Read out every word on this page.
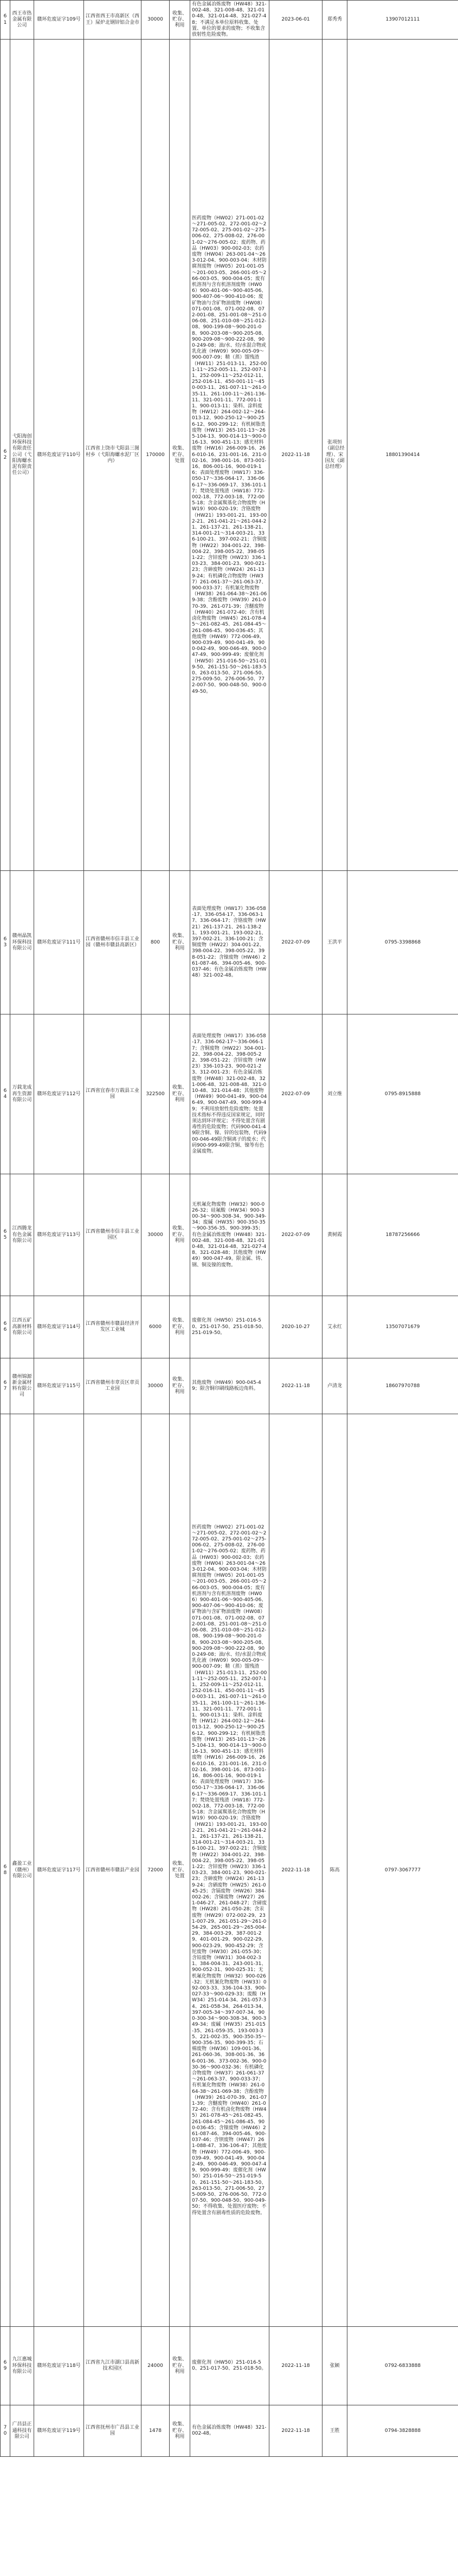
61	西王市热金属有限公司	赣环危废证字109号	江西省西王市高新区（西王）屎炉北钢锌铝合金市	30000	收集、贮存、利用	有色金属冶炼废物（HW48）321-002-48、321-008-48、321-010-48、321-014-48、321-027-48；不满足本单位原料收集、处置、单位的要求的废物；不收集含放射性危险废物。	2023-06-01	郑秀秀	13907012111
62	弋阳海创环保科技有限责任公司（弋阳海螺水泥有限责任公司）	赣环危废证字110号	江西省上饶市弋阳县三图村乡（弋阳海螺水泥厂区内）	170000	收集、贮存、处置	医药废物（HW02）271-001-02～271-005-02、272-001-02～272-005-02、275-001-02～275-006-02、275-008-02、276-001-02～276-005-02；废药物、药品（HW03）900-002-03；农药废物（HW04）263-001-04～263-012-04、900-003-04；木材防腐剂废物（HW05）201-001-05～201-003-05、266-001-05～266-003-05、900-004-05；废有机溶剂与含有机溶剂废物（HW06）900-401-06～900-405-06、900-407-06～900-410-06；废矿物油与含矿物油废物（HW08）071-001-08、071-002-08、072-001-08、251-001-08～251-006-08、251-010-08～251-012-08、900-199-08～900-201-08、900-203-08～900-205-08、900-209-08～900-222-08、900-249-08；油/水、烃/水混合物或乳化液（HW09）900-005-09～900-007-09；精（蒸）馏残渣（HW11）251-013-11、252-001-11～252-005-11、252-007-11、252-009-11～252-012-11、252-016-11、450-001-11～450-003-11、261-007-11～261-035-11、261-100-11～261-136-11、321-001-11、772-001-11、900-013-11；染料、涂料废物（HW12）264-002-12～264-013-12、900-250-12～900-256-12、900-299-12；有机树脂类废物（HW13）265-101-13～265-104-13、900-014-13～900-016-13、900-451-13；感光材料废物（HW16）266-009-16、266-010-16、231-001-16、231-002-16、398-001-16、873-001-16、806-001-16、900-019-16；表面处理废物（HW17）336-050-17～336-064-17、336-066-17～336-069-17、336-101-17；焚烧处置残渣（HW18）772-002-18、772-003-18、772-005-18；含金属羰基化合物废物（HW19）900-020-19；含铬废物（HW21）193-001-21、193-002-21、261-041-21～261-044-21、261-137-21、261-138-21、314-001-21～314-003-21、336-100-21、397-002-21；含铜废物（HW22）304-001-22、398-004-22、398-005-22、398-051-22；含锌废物（HW23）336-103-23、384-001-23、900-021-23；含砷废物（HW24）261-139-24；有机磷化合物废物（HW37）261-061-37～261-063-37、900-033-37；有机氰化物废物（HW38）261-064-38～261-069-38；含酚废物（HW39）261-070-39、261-071-39；含醚废物（HW40）261-072-40；含有机卤化物废物（HW45）261-078-45～261-082-45、261-084-45～261-086-45、900-036-45；其他废物（HW49）772-006-49、900-039-49、900-041-49、900-042-49、900-046-49、900-047-49、900-999-49；废催化剂（HW50）251-016-50～251-019-50、261-151-50～261-183-50、263-013-50、271-006-50、275-009-50、276-006-50、772-007-50、900-048-50、900-049-50。	2022-11-18	张项恒（副总经理）、宋国友（副总经理）	18801390414
63	赣州晶凯环保科技有限公司	赣环危废证字111号	江西省赣州市信丰县工业园（赣州市赣县高新区）	800	收集、贮存、利用	表面处理废物（HW17）336-058-17、336-054-17、336-063-17、336-064-17；含铬废物（HW21）261-137-21、261-138-21、193-001-21、193-002-21、397-002-21、336-100-21；含铜废物（HW22）304-001-22、398-004-22、398-005-22、398-051-22；含镍废物（HW46）261-087-46、394-005-46、900-037-46；有色金属冶炼废物（HW48）321-002-48。	2022-07-09	王洪平	0795-3398868
64	万载龙成再生资源有限公司	赣环危废证字112号	江西省宜春市万载县工业园	322500	收集、贮存、利用	表面处理废物（HW17）336-058-17、336-062-17～336-066-17；含铜废物（HW22）304-001-22、398-004-22、398-005-22、398-051-22；含锌废物（HW23）336-103-23、900-021-23、312-001-23；有色金属冶炼废物（HW48）321-002-48、321-006-48、321-008-48、321-010-48、321-014-48；其他废物（HW49）900-041-49、900-046-49、900-047-49、900-999-49；不利用放射性危险废物；处置技术指标不得违反国家规定，同时须达到环评规定；不得处置含有剧毒性的危险废物；代码900-041-49限含铜、镍、锌的包装物，代码900-046-49限含铜离子的废水；代码900-999-49限含铜、镍等有色金属废物。	2022-07-09	刘立维	0795-8915888
65	江西腾龙有色金属有限公司	赣环危废证字113号	江西省赣州市信丰县工业园区	30000	收集、贮存、利用	无机氟化物废物（HW32）900-026-32；硅氟酸（HW34）900-300-34～900-308-34、900-349-34；废碱（HW35）900-350-35～900-356-35、900-399-35；有色金属冶炼废物（HW48）321-002-48、321-008-48、321-010-48、321-014-48、321-027-48、321-028-48；其他废物（HW49）900-047-49。限金属、铸、钢、铜及镍的废物。	2022-07-09	黄树霞	18787256666
66	江西五矿高新材料有限公司	赣环危废证字114号	江西省赣州市赣县经济开发区工业城	6000	收集、贮存、利用	废催化剂（HW50）251-016-50、251-017-50、251-018-50、251-019-50。	2020-10-27	艾永红	13507071679
67	赣州锦源新金属材料有限公司	赣环危废证字115号	江西省赣州市章贡区章贡工业园	30000	收集、贮存、利用	其他废物（HW49）900-045-49；限含铜印刷线路板边角料。	2022-11-18	卢清龙	18607970788
68	鑫盈工业（赣州）有限公司	赣环危废证字117号	江西省赣州市赣县产业园	72000	收集、贮存、处置	医药废物（HW02）271-001-02～271-005-02、272-001-02～272-005-02、275-001-02～275-006-02、275-008-02、276-001-02～276-005-02；废药物、药品（HW03）900-002-03；农药废物（HW04）263-001-04～263-012-04、900-003-04；木材防腐剂废物（HW05）201-001-05～201-003-05、266-001-05～266-003-05、900-004-05；废有机溶剂与含有机溶剂废物（HW06）900-401-06～900-405-06、900-407-06～900-410-06；废矿物油与含矿物油废物（HW08）071-001-08、071-002-08、072-001-08、251-001-08～251-006-08、251-010-08～251-012-08、900-199-08～900-201-08、900-203-08～900-205-08、900-209-08～900-222-08、900-249-08；油/水、烃/水混合物或乳化液（HW09）900-005-09～900-007-09；精（蒸）馏残渣（HW11）251-013-11、252-001-11～252-005-11、252-007-11、252-009-11～252-012-11、252-016-11、450-001-11～450-003-11、261-007-11～261-035-11、261-100-11～261-136-11、321-001-11、772-001-11、900-013-11；染料、涂料废物（HW12）264-002-12～264-013-12、900-250-12～900-256-12、900-299-12；有机树脂类废物（HW13）265-101-13～265-104-13、900-014-13～900-016-13、900-451-13；感光材料废物（HW16）266-009-16、266-010-16、231-001-16、231-002-16、398-001-16、873-001-16、806-001-16、900-019-16；表面处理废物（HW17）336-050-17～336-064-17、336-066-17～336-069-17、336-101-17；焚烧处置残渣（HW18）772-002-18、772-003-18、772-005-18；含金属羰基化合物废物（HW19）900-020-19；含铬废物（HW21）193-001-21、193-002-21、261-041-21～261-044-21、261-137-21、261-138-21、314-001-21～314-003-21、336-100-21、397-002-21；含铜废物（HW22）304-001-22、398-004-22、398-005-22、398-051-22；含锌废物（HW23）336-103-23、384-001-23、900-021-23；含砷废物（HW24）261-139-24；含硒废物（HW25）261-045-25；含镉废物（HW26）384-002-26；含锑废物（HW27）261-046-27、261-048-27；含碲废物（HW28）261-050-28；含汞废物（HW29）072-002-29、231-007-29、261-051-29～261-054-29、265-001-29～265-004-29、384-003-29、387-001-29、401-001-29、900-022-29、900-023-29、900-452-29；含铊废物（HW30）261-055-30；含铅废物（HW31）304-002-31、384-004-31、243-001-31、900-052-31、900-025-31；无机氟化物废物（HW32）900-026-32；无机氰化物废物（HW33）092-003-33、336-104-33、900-027-33～900-029-33；废酸（HW34）251-014-34、261-057-34、261-058-34、264-013-34、397-005-34～397-007-34、900-300-34～900-308-34、900-349-34；废碱（HW35）251-015-35、261-059-35、193-003-35、221-002-35、900-350-35～900-356-35、900-399-35；石棉废物（HW36）109-001-36、261-060-36、308-001-36、366-001-36、373-002-36、900-030-36～900-032-36；有机磷化合物废物（HW37）261-061-37～261-063-37、900-033-37；有机氰化物废物（HW38）261-064-38～261-069-38；含酚废物（HW39）261-070-39、261-071-39；含醚废物（HW40）261-072-40；含有机卤化物废物（HW45）261-078-45～261-082-45、261-084-45～261-086-45、900-036-45；含镍废物（HW46）261-087-46、394-005-46、900-037-46；含钡废物（HW47）261-088-47、336-106-47；其他废物（HW49）772-006-49、900-039-49、900-041-49、900-042-49、900-046-49、900-047-49、900-999-49；废催化剂（HW50）251-016-50～251-019-50、261-151-50～261-183-50、263-013-50、271-006-50、275-009-50、276-006-50、772-007-50、900-048-50、900-049-50；不得收集、处置医疗废物；不得处置含有剧毒性质的危险废物。	2022-11-18	陈高	0797-3067777
69	九江惠城环保科技有限公司	赣环危废证字118号	江西省九江市湖口县高新技术园区	24000	收集、贮存、利用	废催化剂（HW50）251-016-50、251-017-50、251-018-50。	2022-11-18	张颖	0792-6833888
70	广昌县正通科技有限公司	赣环危废证字119号	江西省抚州市广昌县工业园	1478	收集、贮存、利用	有色金属冶炼废物（HW48）321-002-48。	2022-11-18	王胜	0794-3828888
